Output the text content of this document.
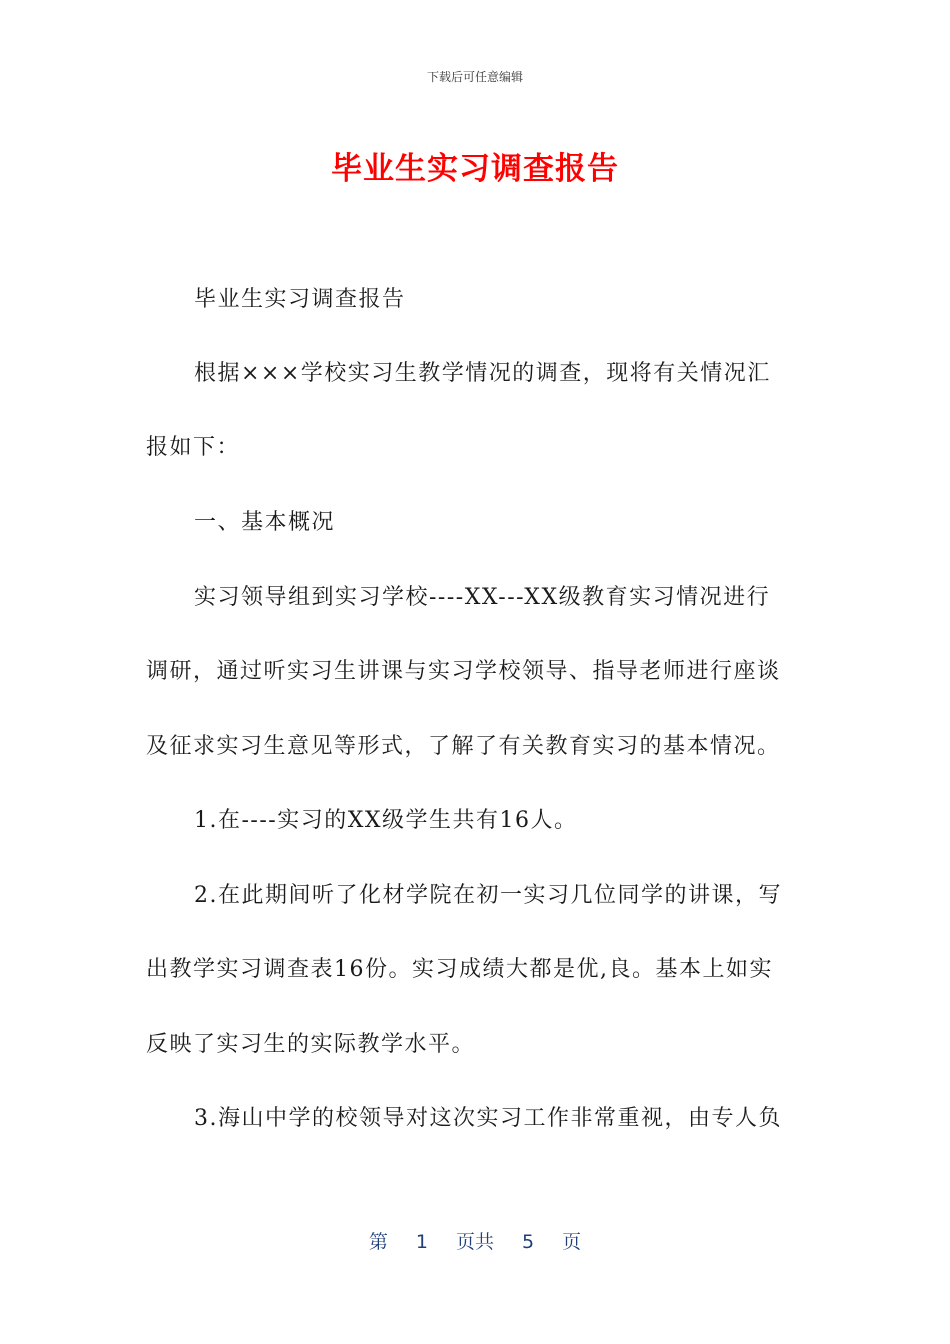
下载后可任意编辑
毕业生实习调查报告
毕业生实习调查报告
根据×××学校实习生教学情况的调查，现将有关情况汇
报如下：
一、基本概况
实习领导组到实习学校----XX---XX级教育实习情况进行
调研，通过听实习生讲课与实习学校领导、指导老师进行座谈
及征求实习生意见等形式，了解了有关教育实习的基本情况。
1.在----实习的XX级学生共有16人。
2.在此期间听了化材学院在初一实习几位同学的讲课，写
出教学实习调查表16份。实习成绩大都是优,良。基本上如实
反映了实习生的实际教学水平。
3.海山中学的校领导对这次实习工作非常重视，由专人负
第 1 页共 5 页
